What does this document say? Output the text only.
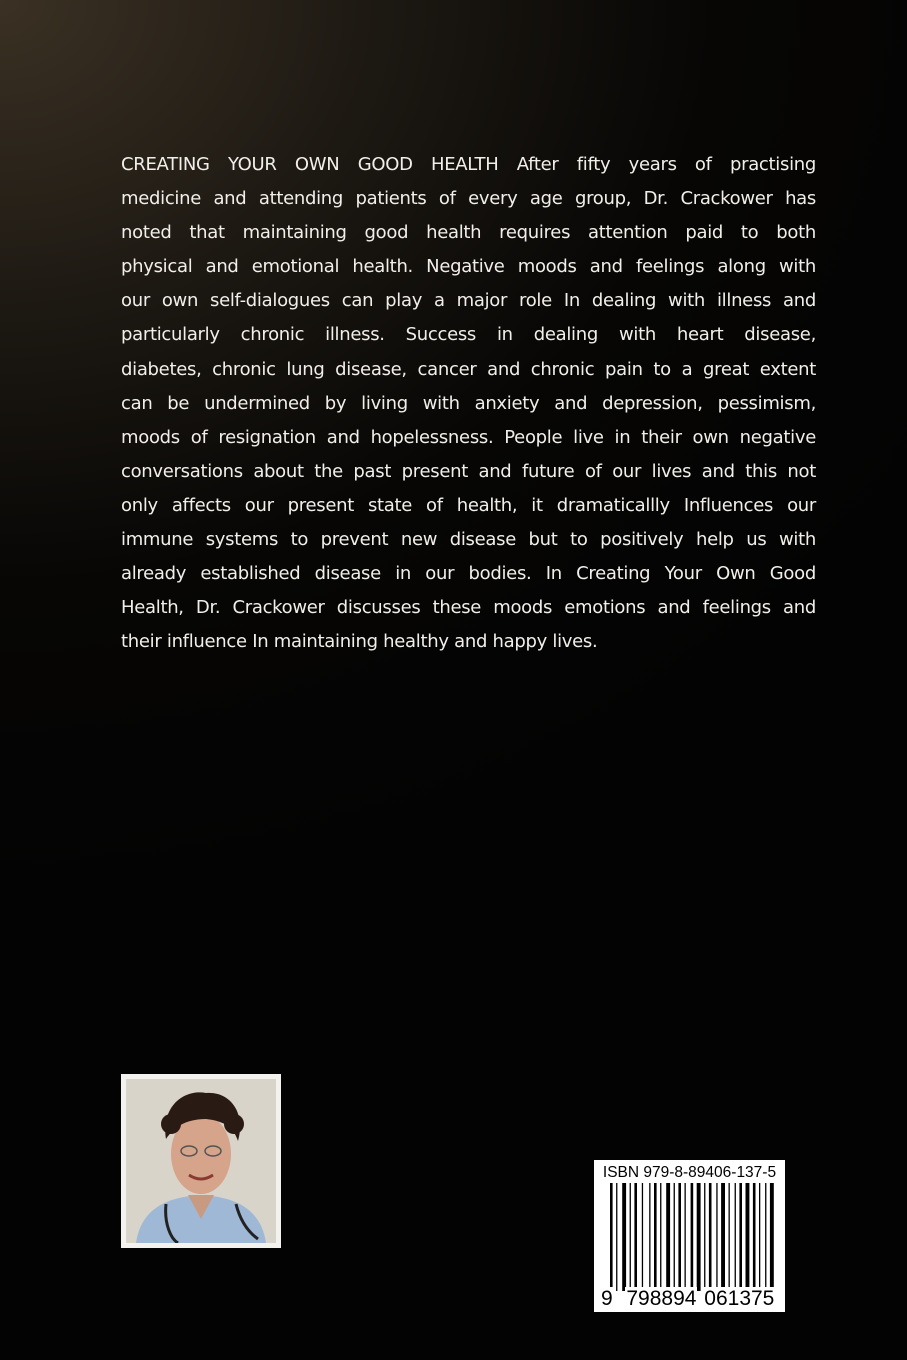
CREATING YOUR OWN GOOD HEALTH After fifty years of practising
medicine and attending patients of every age group, Dr. Crackower has
noted that maintaining good health requires attention paid to both
physical and emotional health. Negative moods and feelings along with
our own self-dialogues can play a major role In dealing with illness and
particularly chronic illness. Success in dealing with heart disease,
diabetes, chronic lung disease, cancer and chronic pain to a great extent
can be undermined by living with anxiety and depression, pessimism,
moods of resignation and hopelessness. People live in their own negative
conversations about the past present and future of our lives and this not
only affects our present state of health, it dramaticallly Influences our
immune systems to prevent new disease but to positively help us with
already established disease in our bodies. In Creating Your Own Good
Health, Dr. Crackower discusses these moods emotions and feelings and
their influence In maintaining healthy and happy lives.
ISBN 979-8-89406-137-5
9 798894 061375
